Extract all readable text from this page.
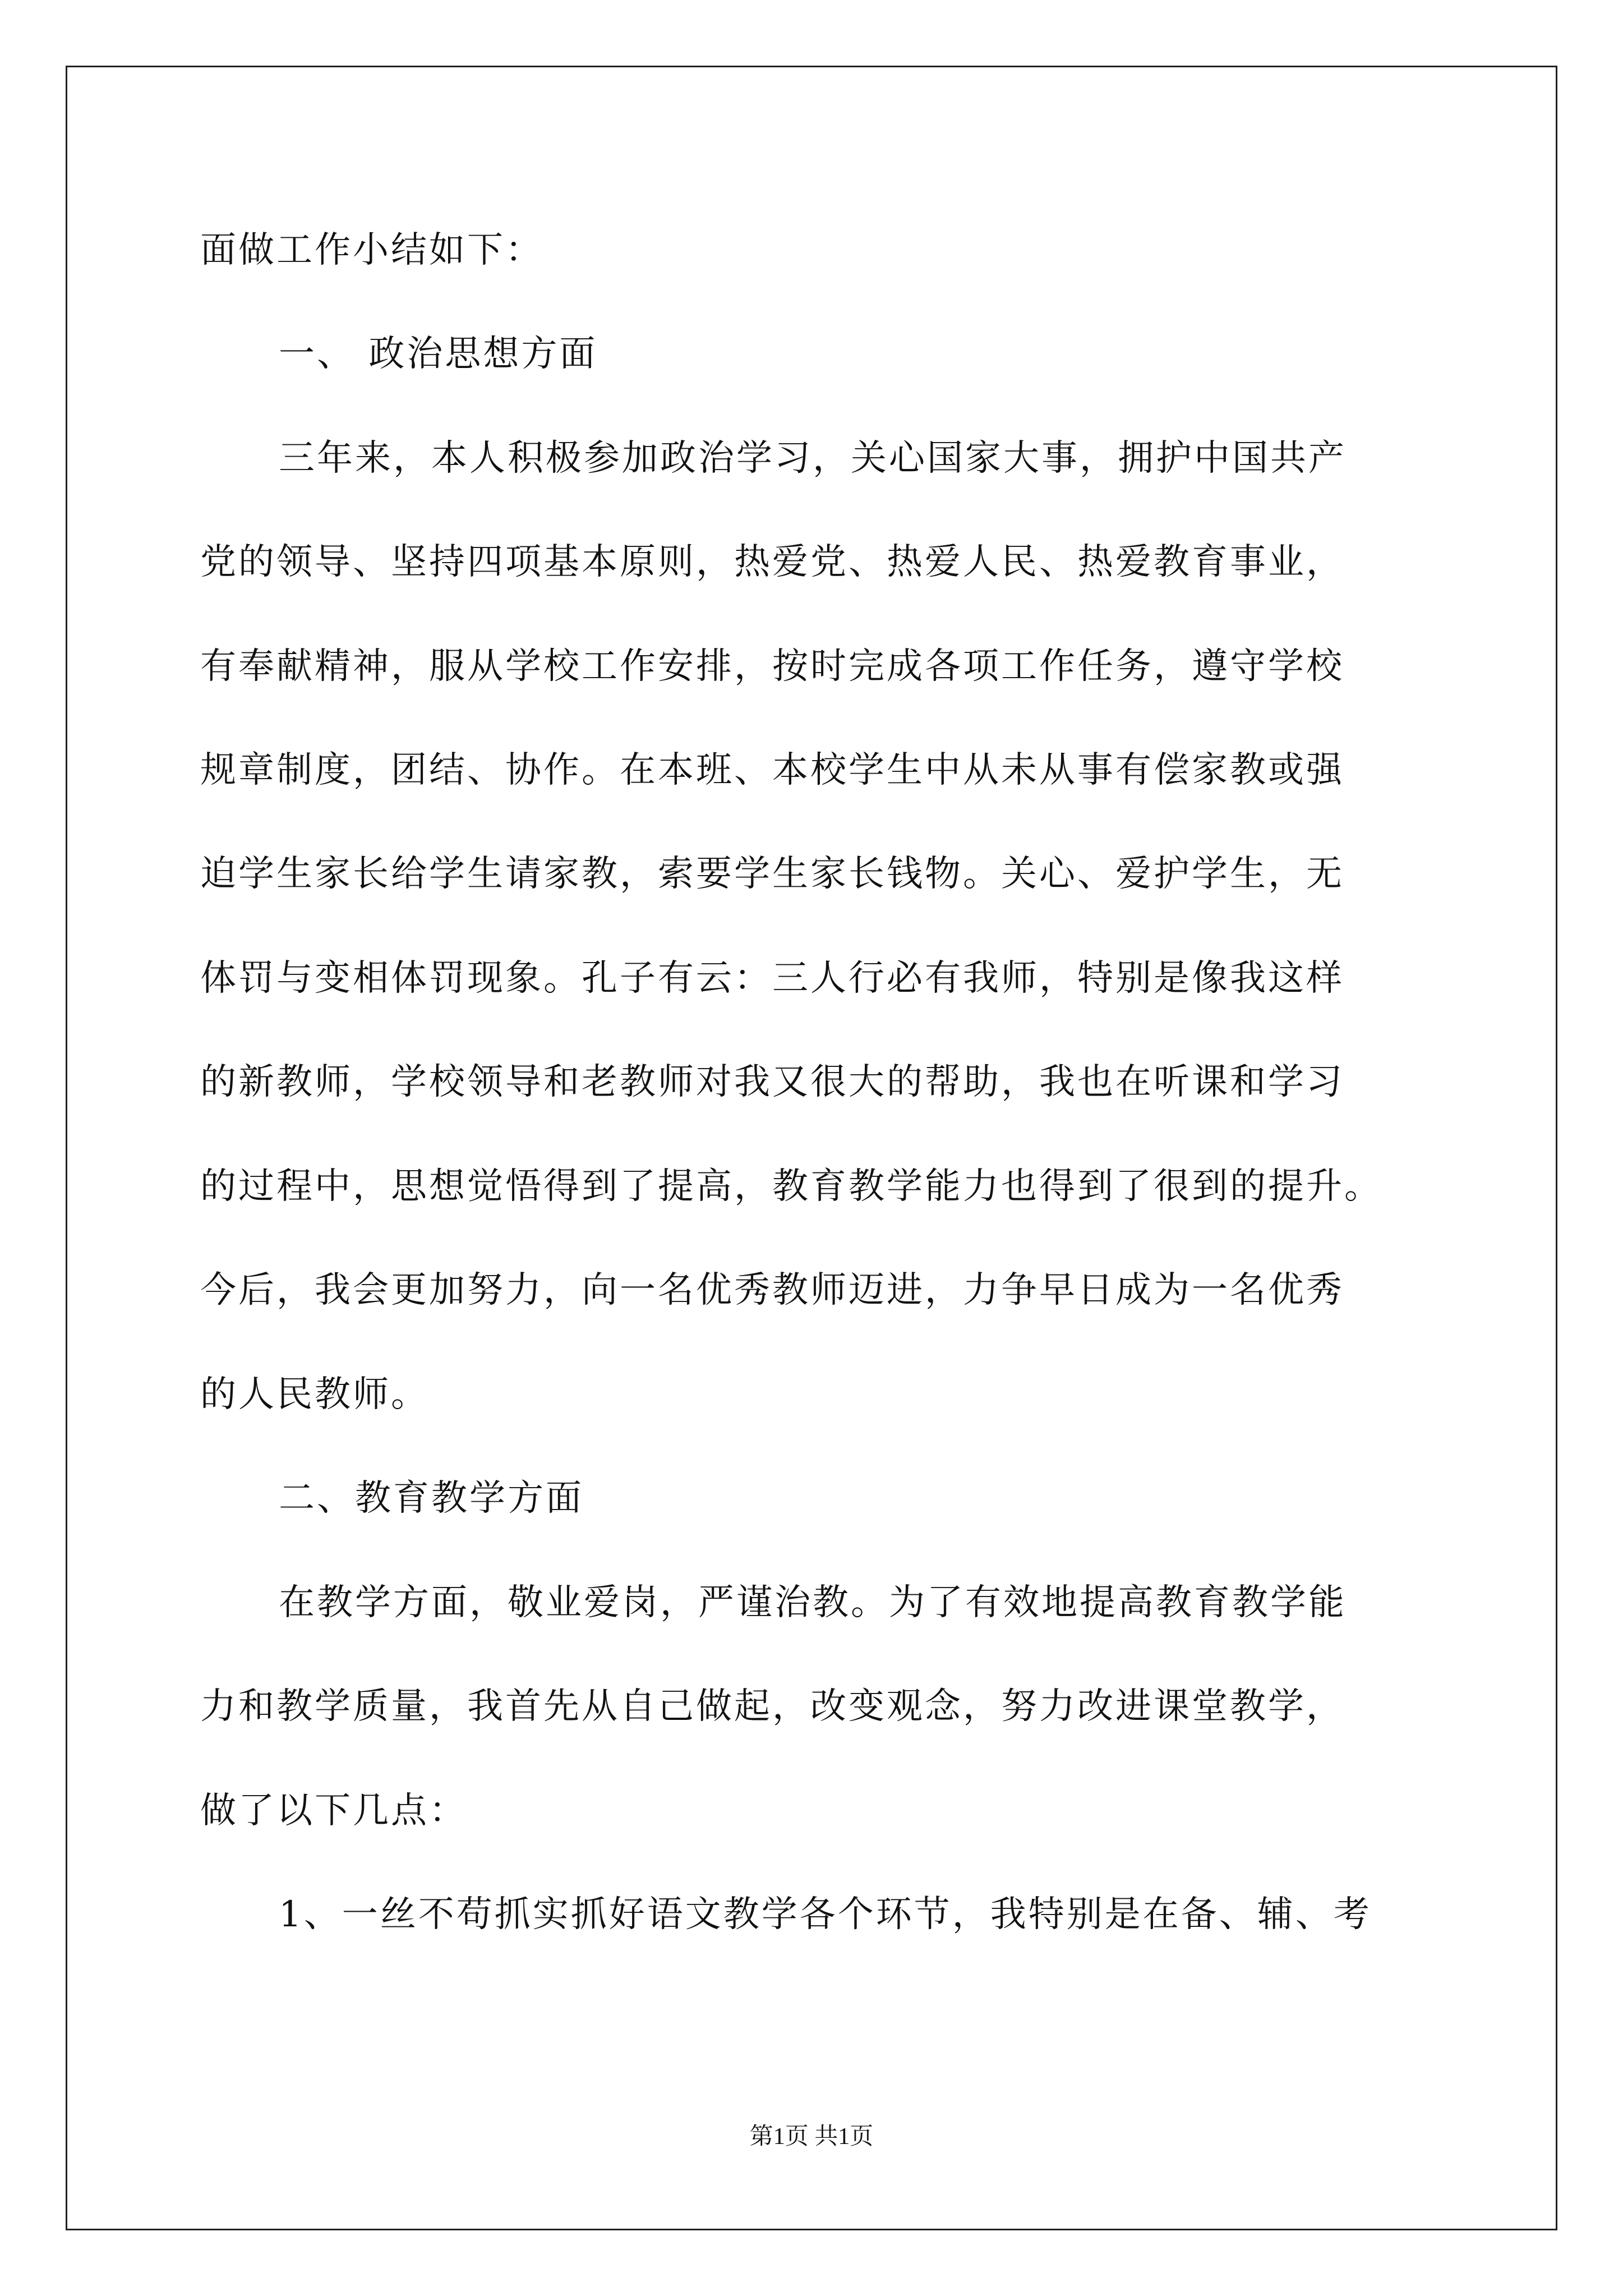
面做工作小结如下：
一、 政治思想方面
三年来，本人积极参加政治学习，关心国家大事，拥护中国共产
党的领导、坚持四项基本原则，热爱党、热爱人民、热爱教育事业，
有奉献精神，服从学校工作安排，按时完成各项工作任务，遵守学校
规章制度，团结、协作。在本班、本校学生中从未从事有偿家教或强
迫学生家长给学生请家教，索要学生家长钱物。关心、爱护学生，无
体罚与变相体罚现象。孔子有云：三人行必有我师，特别是像我这样
的新教师，学校领导和老教师对我又很大的帮助，我也在听课和学习
的过程中，思想觉悟得到了提高，教育教学能力也得到了很到的提升。
今后，我会更加努力，向一名优秀教师迈进，力争早日成为一名优秀
的人民教师。
二、教育教学方面
在教学方面，敬业爱岗，严谨治教。为了有效地提高教育教学能
力和教学质量，我首先从自己做起，改变观念，努力改进课堂教学，
做了以下几点：
1、一丝不苟抓实抓好语文教学各个环节，我特别是在备、辅、考
第1页 共1页
